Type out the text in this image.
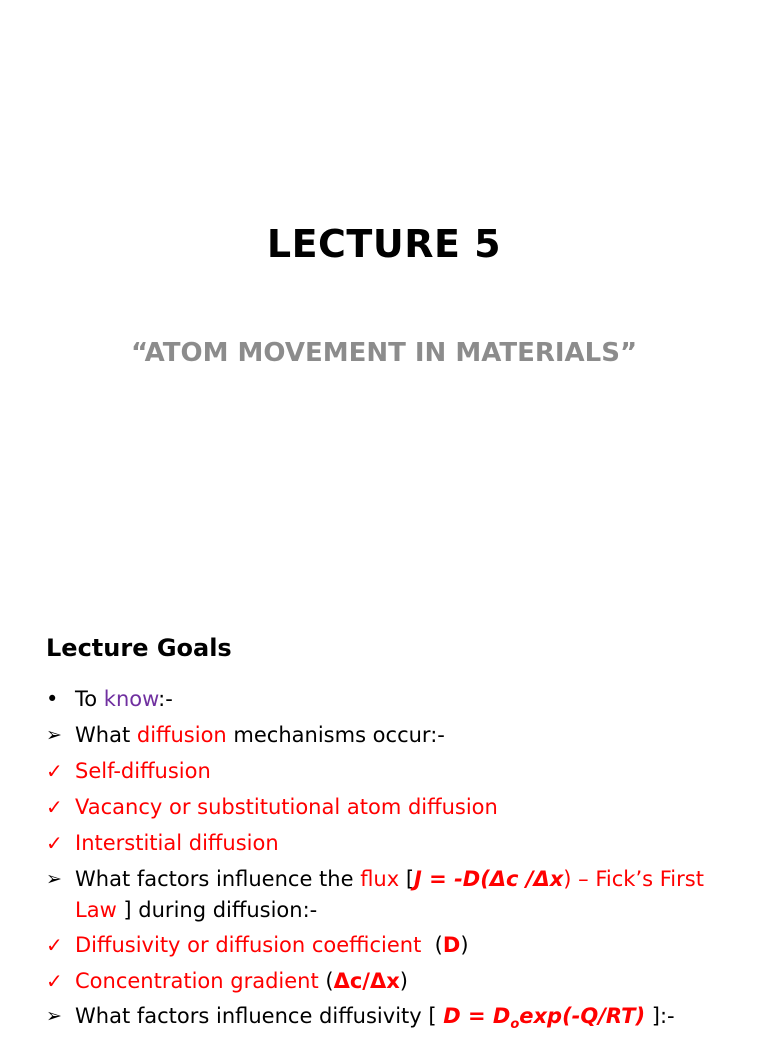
LECTURE 5
“ATOM MOVEMENT IN MATERIALS”
Lecture Goals
• To know:-
➢ What diffusion mechanisms occur:-
✓ Self-diffusion
✓ Vacancy or substitutional atom diffusion
✓ Interstitial diffusion
➢ What factors influence the flux [J = -D(Δc /Δx) – Fick’s First
Law ] during diffusion:-
✓ Diffusivity or diffusion coefficient  (D)
✓ Concentration gradient (Δc/Δx)
➢ What factors influence diffusivity [ $D = D_o\exp(-Q/RT)$ ]:-
